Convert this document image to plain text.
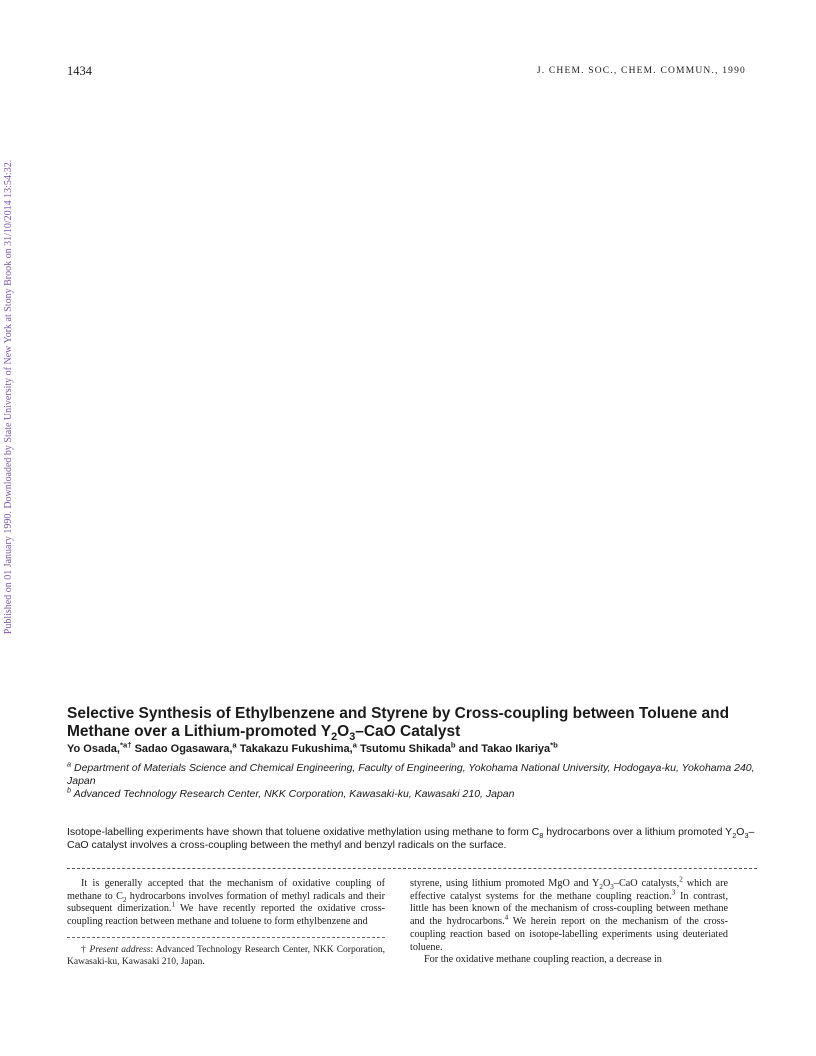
1434	J. CHEM. SOC., CHEM. COMMUN., 1990
Published on 01 January 1990. Downloaded by State University of New York at Stony Brook on 31/10/2014 13:54:32.
Selective Synthesis of Ethylbenzene and Styrene by Cross-coupling between Toluene and Methane over a Lithium-promoted $Y_2O_3$–CaO Catalyst
Yo Osada,$^{*a\dagger}$ Sadao Ogasawara,$^a$ Takakazu Fukushima,$^a$ Tsutomu Shikada$^b$ and Takao Ikariya$^{*b}$
$^a$ Department of Materials Science and Chemical Engineering, Faculty of Engineering, Yokohama National University, Hodogaya-ku, Yokohama 240, Japan
$^b$ Advanced Technology Research Center, NKK Corporation, Kawasaki-ku, Kawasaki 210, Japan
Isotope-labelling experiments have shown that toluene oxidative methylation using methane to form $C_8$ hydrocarbons over a lithium promoted $Y_2O_3$–CaO catalyst involves a cross-coupling between the methyl and benzyl radicals on the surface.

It is generally accepted that the mechanism of oxidative coupling of methane to $C_2$ hydrocarbons involves formation of methyl radicals and their subsequent dimerization.$^1$ We have recently reported the oxidative cross-coupling reaction between methane and toluene to form ethylbenzene and

† Present address: Advanced Technology Research Center, NKK Corporation, Kawasaki-ku, Kawasaki 210, Japan.

styrene, using lithium promoted MgO and $Y_2O_3$–CaO catalysts,$^2$ which are effective catalyst systems for the methane coupling reaction.$^3$ In contrast, little has been known of the mechanism of cross-coupling between methane and the hydrocarbons.$^4$ We herein report on the mechanism of the cross-coupling reaction based on isotope-labelling experiments using deuteriated toluene.

For the oxidative methane coupling reaction, a decrease in
